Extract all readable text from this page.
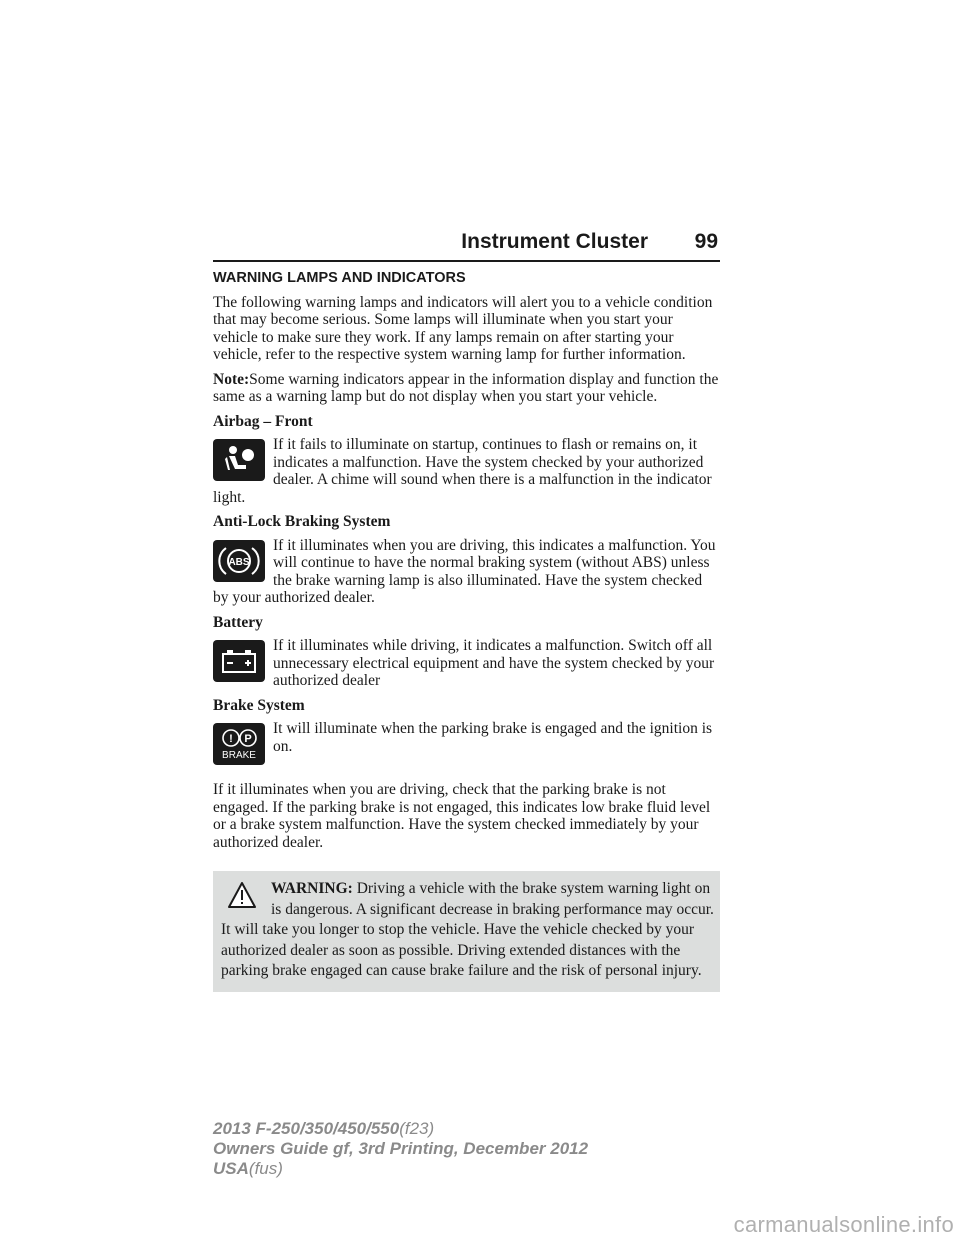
Instrument Cluster 99
WARNING LAMPS AND INDICATORS

The following warning lamps and indicators will alert you to a vehicle condition that may become serious. Some lamps will illuminate when you start your vehicle to make sure they work. If any lamps remain on after starting your vehicle, refer to the respective system warning lamp for further information.

Note:Some warning indicators appear in the information display and function the same as a warning lamp but do not display when you start your vehicle.

Airbag – Front
If it fails to illuminate on startup, continues to flash or remains on, it indicates a malfunction. Have the system checked by your authorized dealer. A chime will sound when there is a malfunction in the indicator light.
Anti-Lock Braking System
ABS
If it illuminates when you are driving, this indicates a malfunction. You will continue to have the normal braking system (without ABS) unless the brake warning lamp is also illuminated. Have the system checked by your authorized dealer.
Battery
If it illuminates while driving, it indicates a malfunction. Switch off all unnecessary electrical equipment and have the system checked by your authorized dealer
Brake System
! P
BRAKE
It will illuminate when the parking brake is engaged and the ignition is on.

If it illuminates when you are driving, check that the parking brake is not engaged. If the parking brake is not engaged, this indicates low brake fluid level or a brake system malfunction. Have the system checked immediately by your authorized dealer.

WARNING: Driving a vehicle with the brake system warning light on is dangerous. A significant decrease in braking performance may occur. It will take you longer to stop the vehicle. Have the vehicle checked by your authorized dealer as soon as possible. Driving extended distances with the parking brake engaged can cause brake failure and the risk of personal injury.
2013 F-250/350/450/550(f23)
Owners Guide gf, 3rd Printing, December 2012
USA(fus)
carmanualsonline.info
